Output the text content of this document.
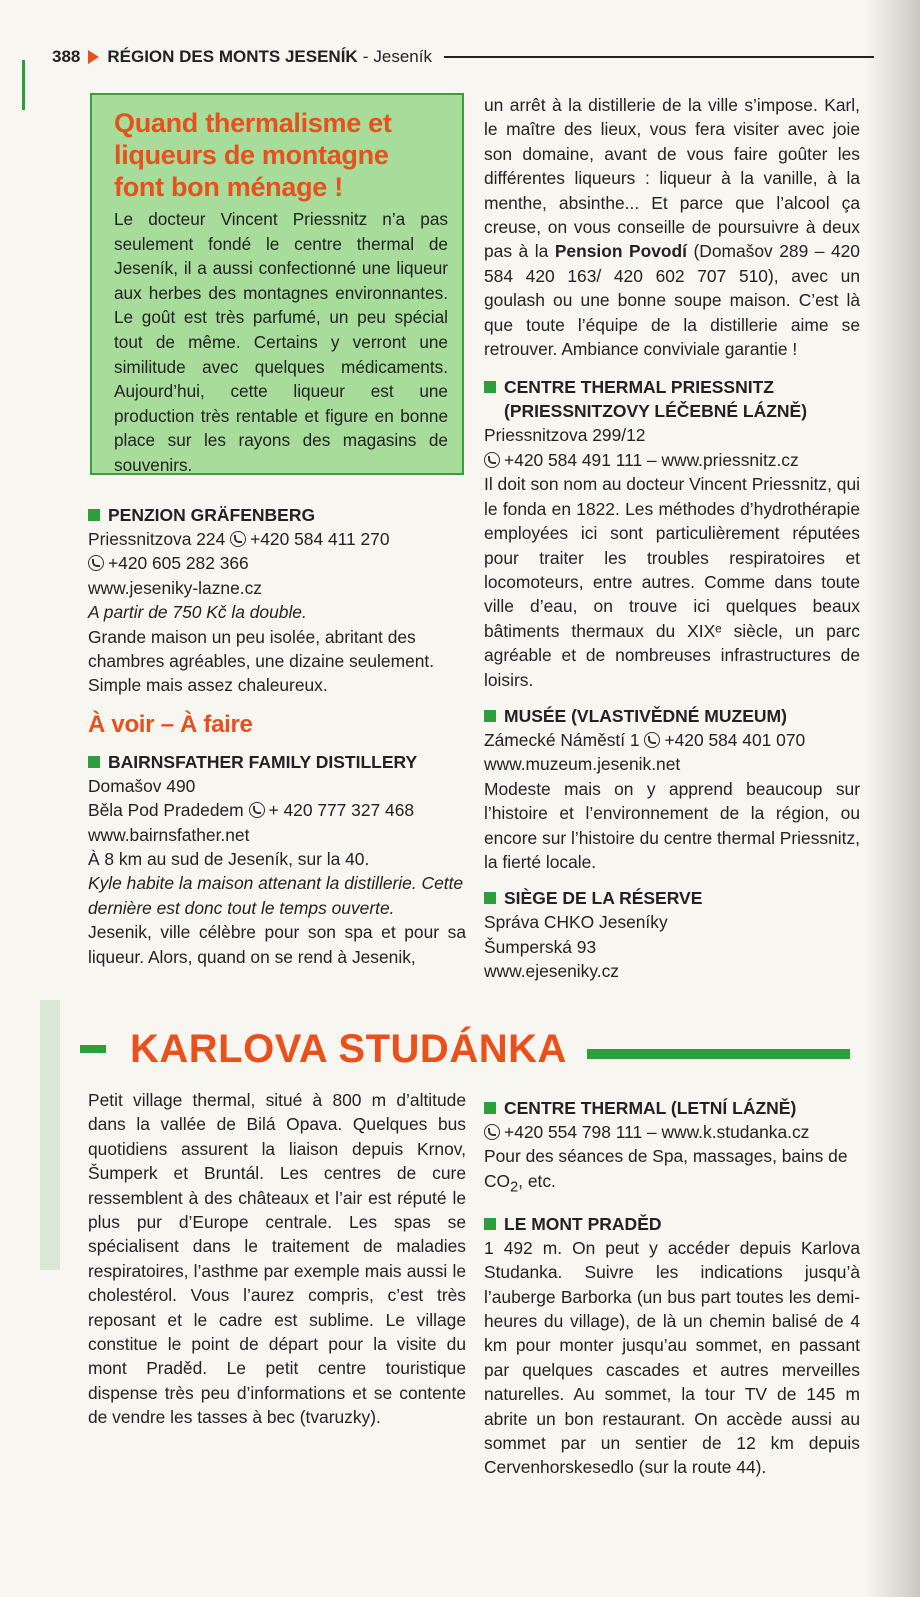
388 RÉGION DES MONTS JESENÍK - Jeseník
Quand thermalisme et
liqueurs de montagne
font bon ménage !

Le docteur Vincent Priessnitz n’a pas seulement fondé le centre thermal de Jeseník, il a aussi confectionné une liqueur aux herbes des montagnes environnantes. Le goût est très parfumé, un peu spécial tout de même. Certains y verront une similitude avec quelques médicaments. Aujourd’hui, cette liqueur est une production très rentable et figure en bonne place sur les rayons des magasins de souvenirs.

PENZION GRÄFENBERG

Priessnitzova 224 +420 584 411 270

+420 605 282 366

www.jeseniky-lazne.cz

A partir de 750 Kč la double.

Grande maison un peu isolée, abritant des chambres agréables, une dizaine seulement. Simple mais assez chaleureux.

À voir – À faire
BAIRNSFATHER FAMILY DISTILLERY

Domašov 490

Běla Pod Pradedem + 420 777 327 468

www.bairnsfather.net

À 8 km au sud de Jeseník, sur la 40.

Kyle habite la maison attenant la distillerie. Cette dernière est donc tout le temps ouverte.

Jesenik, ville célèbre pour son spa et pour sa liqueur. Alors, quand on se rend à Jesenik,

un arrêt à la distillerie de la ville s’impose. Karl, le maître des lieux, vous fera visiter avec joie son domaine, avant de vous faire goûter les différentes liqueurs : liqueur à la vanille, à la menthe, absinthe... Et parce que l’alcool ça creuse, on vous conseille de poursuivre à deux pas à la Pension Povodí (Domašov 289 – 420 584 420 163/ 420 602 707 510), avec un goulash ou une bonne soupe maison. C’est là que toute l’équipe de la distillerie aime se retrouver. Ambiance conviviale garantie !

CENTRE THERMAL PRIESSNITZ
(PRIESSNITZOVY LÉČEBNÉ LÁZNĚ)

Priessnitzova 299/12

+420 584 491 111 – www.priessnitz.cz

Il doit son nom au docteur Vincent Priessnitz, qui le fonda en 1822. Les méthodes d’hydrothérapie employées ici sont particulièrement réputées pour traiter les troubles respiratoires et locomoteurs, entre autres. Comme dans toute ville d’eau, on trouve ici quelques beaux bâtiments thermaux du XIXᵉ siècle, un parc agréable et de nombreuses infrastructures de loisirs.

MUSÉE (VLASTIVĚDNÉ MUZEUM)

Zámecké Náměstí 1 +420 584 401 070

www.muzeum.jesenik.net

Modeste mais on y apprend beaucoup sur l’histoire et l’environnement de la région, ou encore sur l’histoire du centre thermal Priessnitz, la fierté locale.

SIÈGE DE LA RÉSERVE

Správa CHKO Jeseníky

Šumperská 93

www.ejeseniky.cz

KARLOVA STUDÁNKA

Petit village thermal, situé à 800 m d’altitude dans la vallée de Bilá Opava. Quelques bus quotidiens assurent la liaison depuis Krnov, Šumperk et Bruntál. Les centres de cure ressemblent à des châteaux et l’air est réputé le plus pur d’Europe centrale. Les spas se spécialisent dans le traitement de maladies respiratoires, l’asthme par exemple mais aussi le cholestérol. Vous l’aurez compris, c’est très reposant et le cadre est sublime. Le village constitue le point de départ pour la visite du mont Praděd. Le petit centre touristique dispense très peu d’informations et se contente de vendre les tasses à bec (tvaruzky).

CENTRE THERMAL (LETNÍ LÁZNĚ)

+420 554 798 111 – www.k.studanka.cz

Pour des séances de Spa, massages, bains de $CO_2$, etc.

LE MONT PRADĚD

1 492 m. On peut y accéder depuis Karlova Studanka. Suivre les indications jusqu’à l’auberge Barborka (un bus part toutes les demi-heures du village), de là un chemin balisé de 4 km pour monter jusqu’au sommet, en passant par quelques cascades et autres merveilles naturelles. Au sommet, la tour TV de 145 m abrite un bon restaurant. On accède aussi au sommet par un sentier de 12 km depuis Cervenhorskesedlo (sur la route 44).
